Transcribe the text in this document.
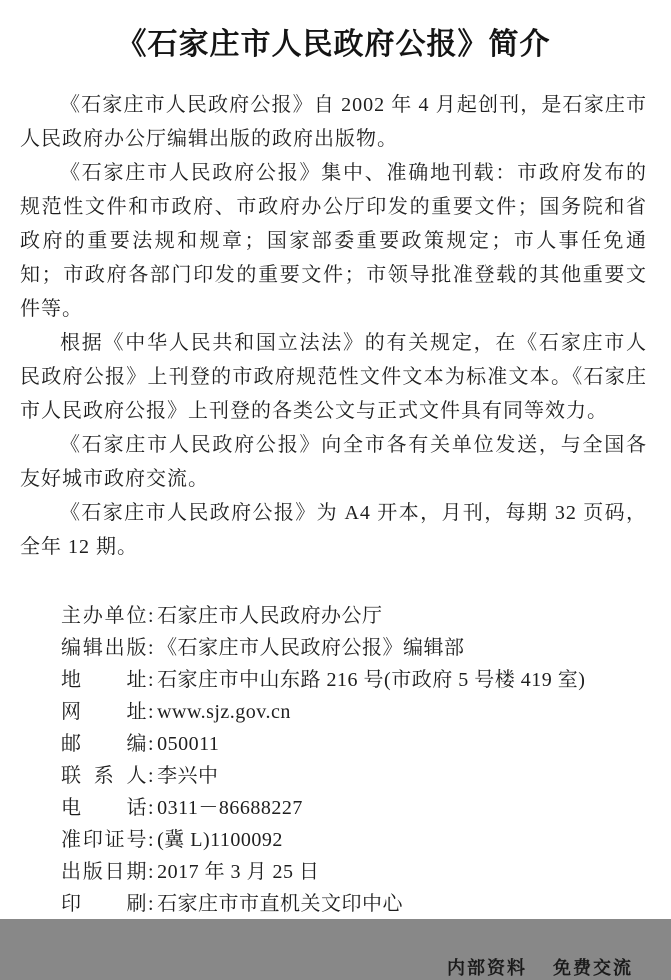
《石家庄市人民政府公报》简介

《石家庄市人民政府公报》自 2002 年 4 月起创刊，是石家庄市人民政府办公厅编辑出版的政府出版物。

《石家庄市人民政府公报》集中、准确地刊载：市政府发布的规范性文件和市政府、市政府办公厅印发的重要文件；国务院和省政府的重要法规和规章；国家部委重要政策规定；市人事任免通知；市政府各部门印发的重要文件；市领导批准登载的其他重要文件等。

根据《中华人民共和国立法法》的有关规定，在《石家庄市人民政府公报》上刊登的市政府规范性文件文本为标准文本。《石家庄市人民政府公报》上刊登的各类公文与正式文件具有同等效力。

《石家庄市人民政府公报》向全市各有关单位发送，与全国各友好城市政府交流。

《石家庄市人民政府公报》为 A4 开本，月刊，每期 32 页码，全年 12 期。

主办单位 : 石家庄市人民政府办公厅
编辑出版 : 《石家庄市人民政府公报》编辑部
地址 : 石家庄市中山东路 216 号(市政府 5 号楼 419 室)
网址 : www.sjz.gov.cn
邮编 : 050011
联系人 : 李兴中
电话 : 0311－86688227
准印证号 : (冀 L)1100092
出版日期 : 2017 年 3 月 25 日
印刷 : 石家庄市市直机关文印中心
内部资料 免费交流
